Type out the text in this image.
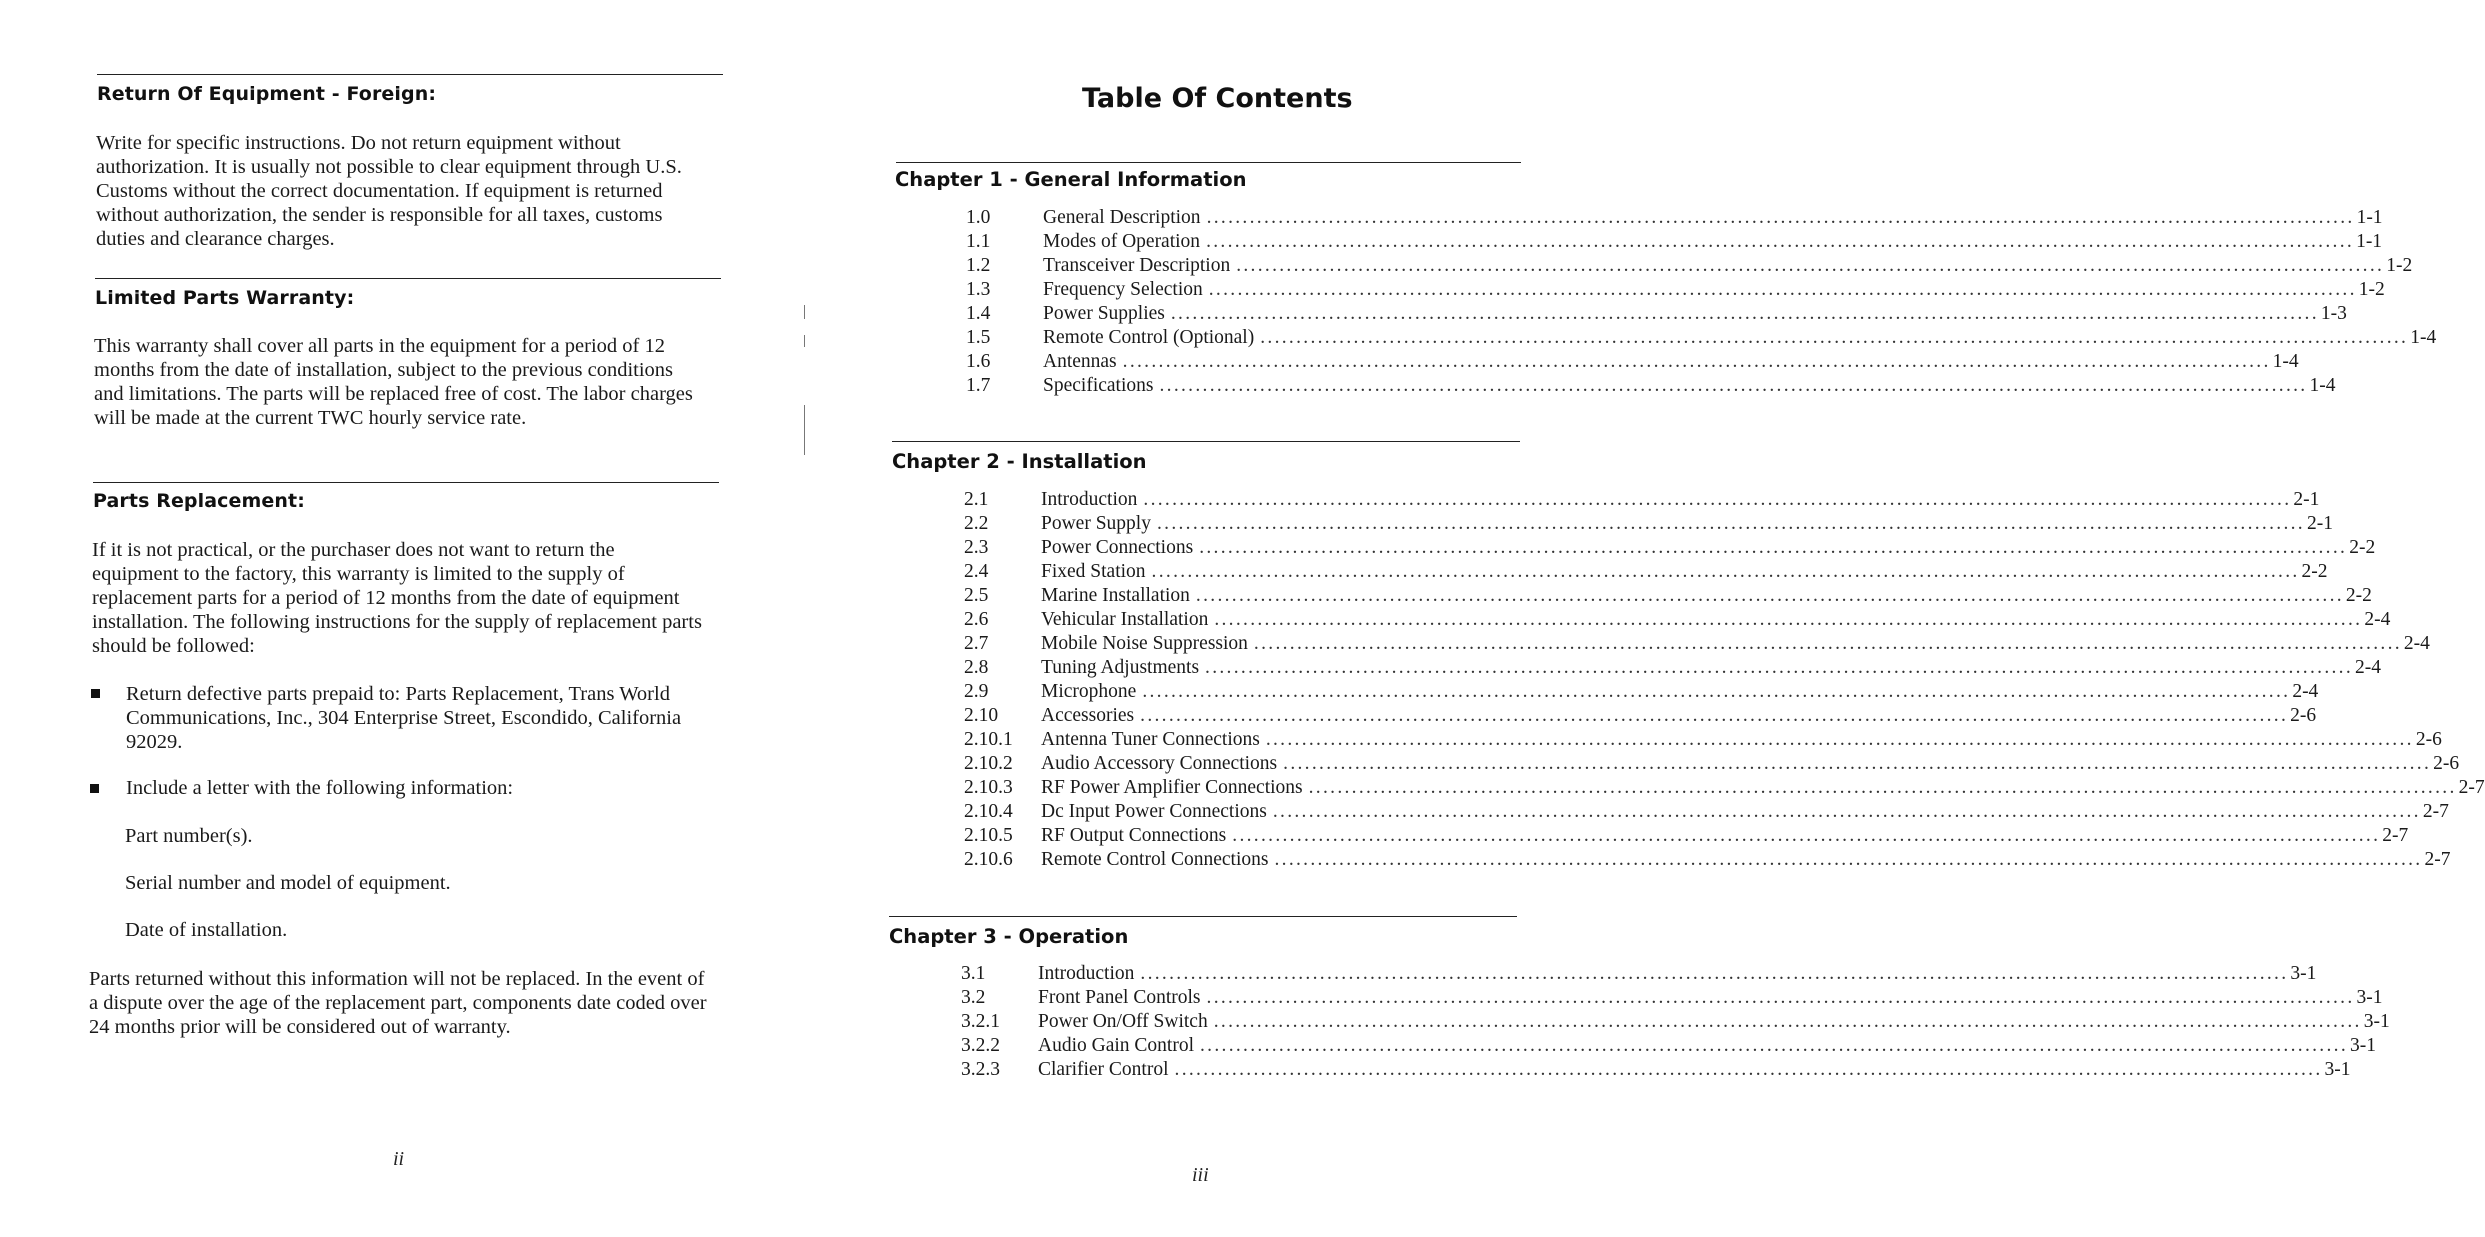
Return Of Equipment - Foreign:

Write for specific instructions. Do not return equipment without authorization. It is usually not possible to clear equipment through U.S. Customs without the correct documentation. If equipment is returned without authorization, the sender is responsible for all taxes, customs duties and clearance charges.

Limited Parts Warranty:

This warranty shall cover all parts in the equipment for a period of 12 months from the date of installation, subject to the previous conditions and limitations. The parts will be replaced free of cost. The labor charges will be made at the current TWC hourly service rate.

Parts Replacement:

If it is not practical, or the purchaser does not want to return the equipment to the factory, this warranty is limited to the supply of replacement parts for a period of 12 months from the date of equipment installation. The following instructions for the supply of replacement parts should be followed:

Return defective parts prepaid to: Parts Replacement, Trans World Communications, Inc., 304 Enterprise Street, Escondido, California 92029.

Include a letter with the following information:

Part number(s).

Serial number and model of equipment.

Date of installation.

Parts returned without this information will not be replaced. In the event of a dispute over the age of the replacement part, components date coded over 24 months prior will be considered out of warranty.

ii
Table Of Contents
Chapter 1 - General Information
1.0	General Description ................................................................................................................................................................ 1-1
1.1	Modes of Operation ................................................................................................................................................................ 1-1
1.2	Transceiver Description ................................................................................................................................................................ 1-2
1.3	Frequency Selection ................................................................................................................................................................ 1-2
1.4	Power Supplies ................................................................................................................................................................ 1-3
1.5	Remote Control (Optional) ................................................................................................................................................................ 1-4
1.6	Antennas ................................................................................................................................................................ 1-4
1.7	Specifications ................................................................................................................................................................ 1-4
Chapter 2 - Installation
2.1	Introduction ................................................................................................................................................................ 2-1
2.2	Power Supply ................................................................................................................................................................ 2-1
2.3	Power Connections ................................................................................................................................................................ 2-2
2.4	Fixed Station ................................................................................................................................................................ 2-2
2.5	Marine Installation ................................................................................................................................................................ 2-2
2.6	Vehicular Installation ................................................................................................................................................................ 2-4
2.7	Mobile Noise Suppression ................................................................................................................................................................ 2-4
2.8	Tuning Adjustments ................................................................................................................................................................ 2-4
2.9	Microphone ................................................................................................................................................................ 2-4
2.10 Accessories ................................................................................................................................................................ 2-6
2.10.1 Antenna Tuner Connections ................................................................................................................................................................ 2-6
2.10.2 Audio Accessory Connections ................................................................................................................................................................ 2-6
2.10.3 RF Power Amplifier Connections ................................................................................................................................................................ 2-7
2.10.4 Dc Input Power Connections ................................................................................................................................................................ 2-7
2.10.5 RF Output Connections ................................................................................................................................................................ 2-7
2.10.6 Remote Control Connections ................................................................................................................................................................ 2-7
Chapter 3 - Operation
3.1	Introduction ................................................................................................................................................................ 3-1
3.2	Front Panel Controls ................................................................................................................................................................ 3-1
3.2.1 Power On/Off Switch ................................................................................................................................................................ 3-1
3.2.2 Audio Gain Control ................................................................................................................................................................ 3-1
3.2.3 Clarifier Control ................................................................................................................................................................ 3-1
iii
